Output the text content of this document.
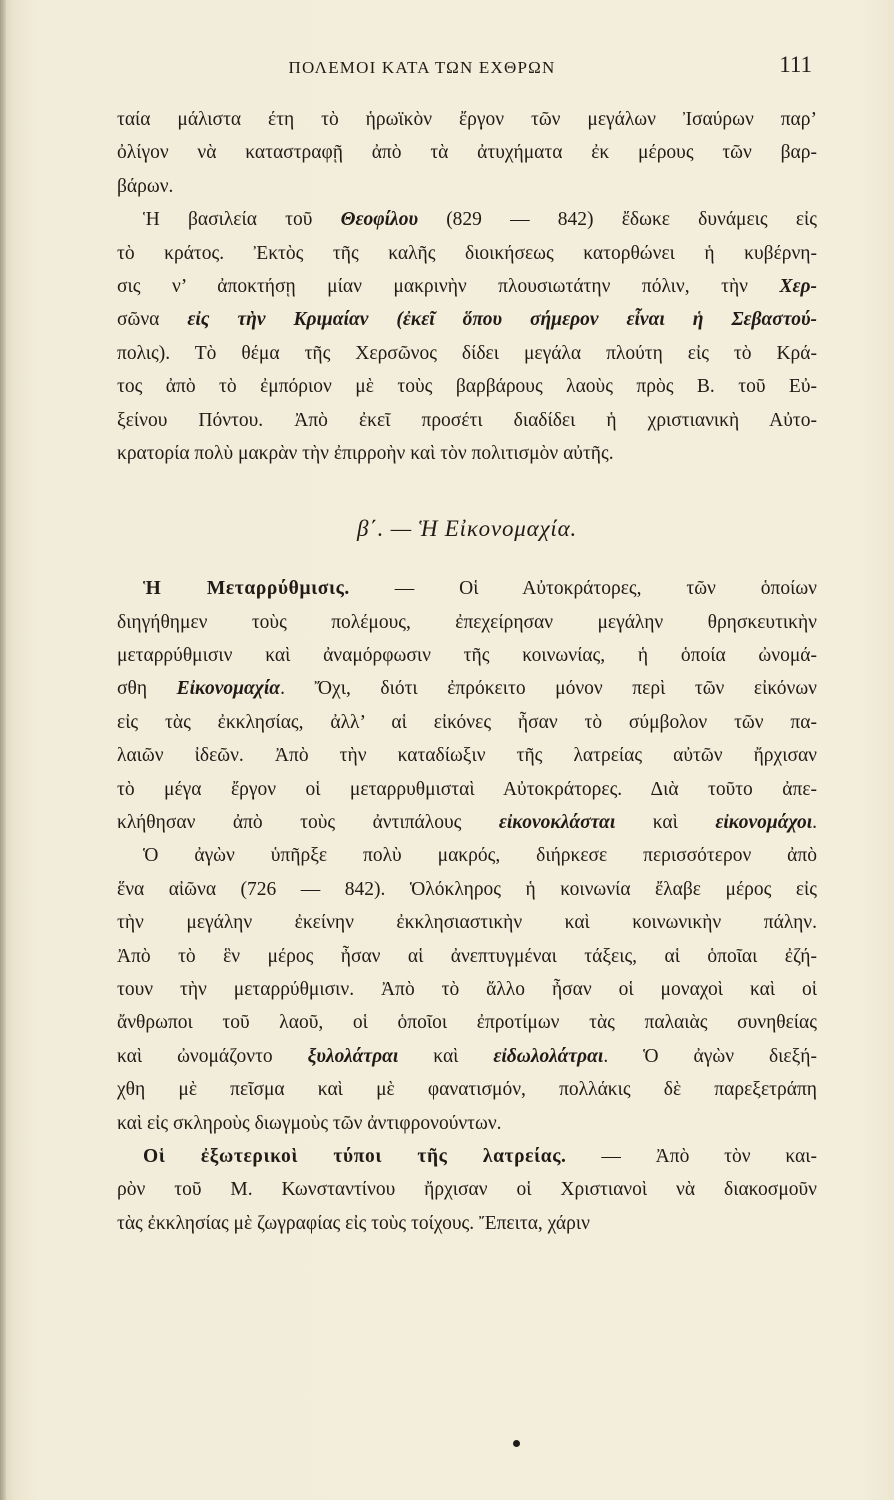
ΠΟΛΕΜΟΙ ΚΑΤΑ ΤΩΝ ΕΧΘΡΩΝ	111
ταία μάλιστα έτη τὸ ἡρωϊκὸν ἔργον τῶν μεγάλων Ἰσαύρων παρ’
ὀλίγον νὰ καταστραφῇ ἀπὸ τὰ ἀτυχήματα ἐκ μέρους τῶν βαρ-
βάρων.
Ἡ βασιλεία τοῦ Θεοφίλου (829 — 842) ἔδωκε δυνάμεις εἰς
τὸ κράτος. Ἐκτὸς τῆς καλῆς διοικήσεως κατορθώνει ἡ κυβέρνη-
σις ν’ ἀποκτήσῃ μίαν μακρινὴν πλουσιωτάτην πόλιν, τὴν Χερ-
σῶνα εἰς τὴν Κριμαίαν (ἐκεῖ ὅπου σήμερον εἶναι ἡ Σεβαστού-
πολις). Τὸ θέμα τῆς Χερσῶνος δίδει μεγάλα πλούτη εἰς τὸ Κρά-
τος ἀπὸ τὸ ἐμπόριον μὲ τοὺς βαρβάρους λαοὺς πρὸς Β. τοῦ Εὐ-
ξείνου Πόντου. Ἀπὸ ἐκεῖ προσέτι διαδίδει ἡ χριστιανικὴ Αὐτο-
κρατορία πολὺ μακρὰν τὴν ἐπιρροὴν καὶ τὸν πολιτισμὸν αὐτῆς.
β΄. — Ἡ Εἰκονομαχία.
Ἡ Μεταρρύθμισις. — Οἱ Αὐτοκράτορες, τῶν ὁποίων
διηγήθημεν τοὺς πολέμους, ἐπεχείρησαν μεγάλην θρησκευτικὴν
μεταρρύθμισιν καὶ ἀναμόρφωσιν τῆς κοινωνίας, ἡ ὁποία ὠνομά-
σθη Εἰκονομαχία. Ὄχι, διότι ἐπρόκειτο μόνον περὶ τῶν εἰκόνων
εἰς τὰς ἐκκλησίας, ἀλλ’ αἱ εἰκόνες ἦσαν τὸ σύμβολον τῶν πα-
λαιῶν ἰδεῶν. Ἀπὸ τὴν καταδίωξιν τῆς λατρείας αὐτῶν ἤρχισαν
τὸ μέγα ἔργον οἱ μεταρρυθμισταὶ Αὐτοκράτορες. Διὰ τοῦτο ἀπε-
κλήθησαν ἀπὸ τοὺς ἀντιπάλους εἰκονοκλάσται καὶ εἰκονομάχοι.
Ὁ ἀγὼν ὑπῆρξε πολὺ μακρός, διήρκεσε περισσότερον ἀπὸ
ἕνα αἰῶνα (726 — 842). Ὁλόκληρος ἡ κοινωνία ἔλαβε μέρος εἰς
τὴν μεγάλην ἐκείνην ἐκκλησιαστικὴν καὶ κοινωνικὴν πάλην.
Ἀπὸ τὸ ἓν μέρος ἦσαν αἱ ἀνεπτυγμέναι τάξεις, αἱ ὁποῖαι ἐζή-
τουν τὴν μεταρρύθμισιν. Ἀπὸ τὸ ἄλλο ἦσαν οἱ μοναχοὶ καὶ οἱ
ἄνθρωποι τοῦ λαοῦ, οἱ ὁποῖοι ἐπροτίμων τὰς παλαιὰς συνηθείας
καὶ ὠνομάζοντο ξυλολάτραι καὶ εἰδωλολάτραι. Ὁ ἀγὼν διεξή-
χθη μὲ πεῖσμα καὶ μὲ φανατισμόν, πολλάκις δὲ παρεξετράπη
καὶ εἰς σκληροὺς διωγμοὺς τῶν ἀντιφρονούντων.
Οἱ ἐξωτερικοὶ τύποι τῆς λατρείας. — Ἀπὸ τὸν και-
ρὸν τοῦ Μ. Κωνσταντίνου ἤρχισαν οἱ Χριστιανοὶ νὰ διακοσμοῦν
τὰς ἐκκλησίας μὲ ζωγραφίας εἰς τοὺς τοίχους. Ἔπειτα, χάριν
